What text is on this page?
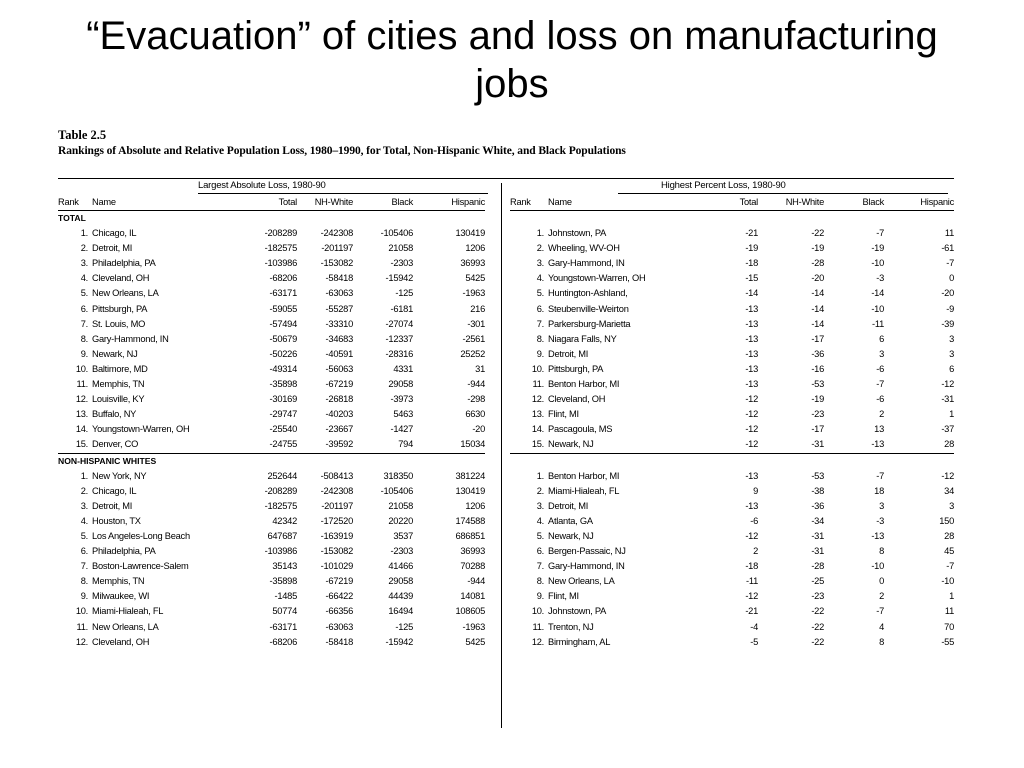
“Evacuation” of cities and loss on manufacturing
jobs
Table 2.5
Rankings of Absolute and Relative Population Loss, 1980–1990, for Total, Non-Hispanic White, and Black Populations
Largest Absolute Loss, 1980-90	Highest Percent Loss, 1980-90
Rank	Name	Total	NH-White	Black	Hispanic
TOTAL					
1.	Chicago, IL	-208289	-242308	-105406	130419
2.	Detroit, MI	-182575	-201197	21058	1206
3.	Philadelphia, PA	-103986	-153082	-2303	36993
4.	Cleveland, OH	-68206	-58418	-15942	5425
5.	New Orleans, LA	-63171	-63063	-125	-1963
6.	Pittsburgh, PA	-59055	-55287	-6181	216
7.	St. Louis, MO	-57494	-33310	-27074	-301
8.	Gary-Hammond, IN	-50679	-34683	-12337	-2561
9.	Newark, NJ	-50226	-40591	-28316	25252
10.	Baltimore, MD	-49314	-56063	4331	31
11.	Memphis, TN	-35898	-67219	29058	-944
12.	Louisville, KY	-30169	-26818	-3973	-298
13.	Buffalo, NY	-29747	-40203	5463	6630
14.	Youngstown-Warren, OH	-25540	-23667	-1427	-20
15.	Denver, CO	-24755	-39592	794	15034

NON-HISPANIC WHITES					
1.	New York, NY	252644	-508413	318350	381224
2.	Chicago, IL	-208289	-242308	-105406	130419
3.	Detroit, MI	-182575	-201197	21058	1206
4.	Houston, TX	42342	-172520	20220	174588
5.	Los Angeles-Long Beach	647687	-163919	3537	686851
6.	Philadelphia, PA	-103986	-153082	-2303	36993
7.	Boston-Lawrence-Salem	35143	-101029	41466	70288
8.	Memphis, TN	-35898	-67219	29058	-944
9.	Milwaukee, WI	-1485	-66422	44439	14081
10.	Miami-Hialeah, FL	50774	-66356	16494	108605
11.	New Orleans, LA	-63171	-63063	-125	-1963
12.	Cleveland, OH	-68206	-58418	-15942	5425
Rank	Name	Total	NH-White	Black	Hispanic

1.	Johnstown, PA	-21	-22	-7	11
2.	Wheeling, WV-OH	-19	-19	-19	-61
3.	Gary-Hammond, IN	-18	-28	-10	-7
4.	Youngstown-Warren, OH	-15	-20	-3	0
5.	Huntington-Ashland,	-14	-14	-14	-20
6.	Steubenville-Weirton	-13	-14	-10	-9
7.	Parkersburg-Marietta	-13	-14	-11	-39
8.	Niagara Falls, NY	-13	-17	6	3
9.	Detroit, MI	-13	-36	3	3
10.	Pittsburgh, PA	-13	-16	-6	6
11.	Benton Harbor, MI	-13	-53	-7	-12
12.	Cleveland, OH	-12	-19	-6	-31
13.	Flint, MI	-12	-23	2	1
14.	Pascagoula, MS	-12	-17	13	-37
15.	Newark, NJ	-12	-31	-13	28

1.	Benton Harbor, MI	-13	-53	-7	-12
2.	Miami-Hialeah, FL	9	-38	18	34
3.	Detroit, MI	-13	-36	3	3
4.	Atlanta, GA	-6	-34	-3	150
5.	Newark, NJ	-12	-31	-13	28
6.	Bergen-Passaic, NJ	2	-31	8	45
7.	Gary-Hammond, IN	-18	-28	-10	-7
8.	New Orleans, LA	-11	-25	0	-10
9.	Flint, MI	-12	-23	2	1
10.	Johnstown, PA	-21	-22	-7	11
11.	Trenton, NJ	-4	-22	4	70
12.	Birmingham, AL	-5	-22	8	-55
